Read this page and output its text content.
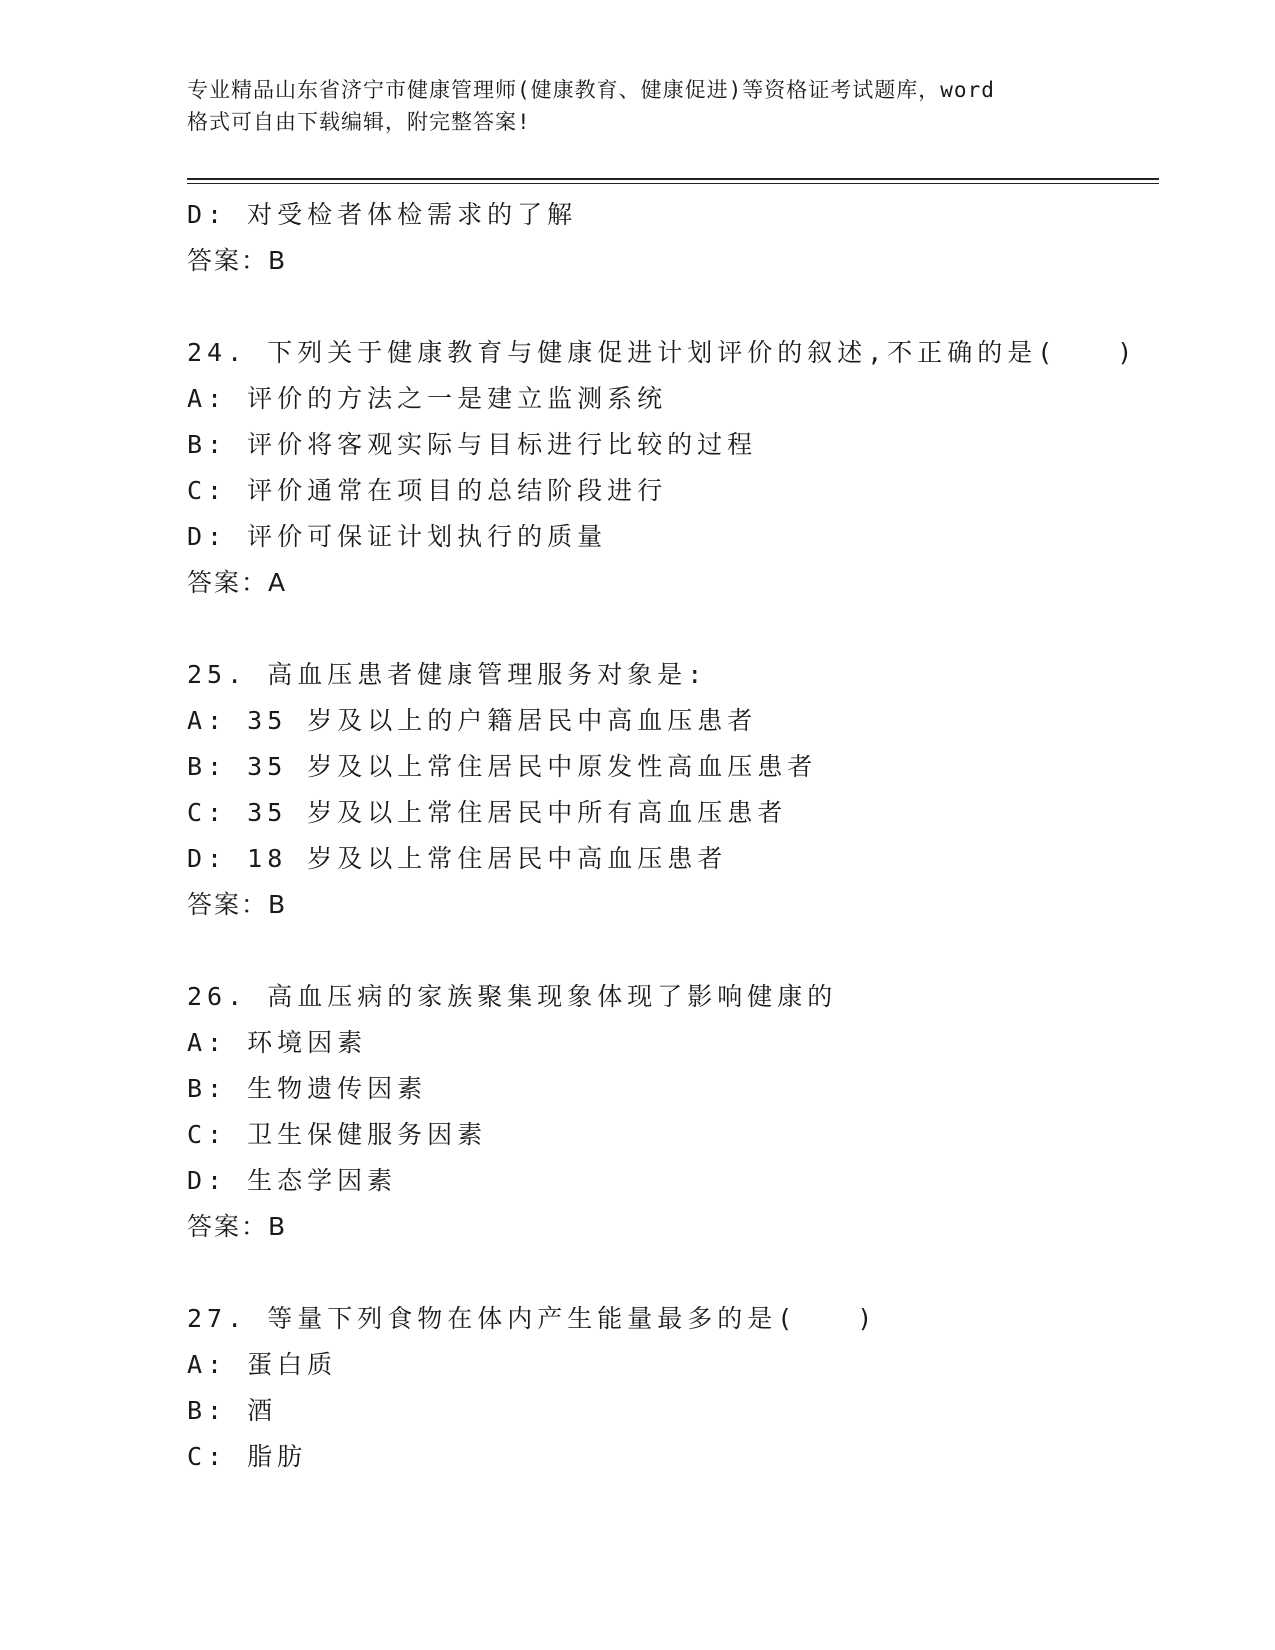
专业精品山东省济宁市健康管理师(健康教育、健康促进)等资格证考试题库，word
格式可自由下载编辑，附完整答案!
D: 对受检者体检需求的了解
答案：B
24. 下列关于健康教育与健康促进计划评价的叙述,不正确的是(　　)
A: 评价的方法之一是建立监测系统
B: 评价将客观实际与目标进行比较的过程
C: 评价通常在项目的总结阶段进行
D: 评价可保证计划执行的质量
答案：A
25. 高血压患者健康管理服务对象是:
A: 35 岁及以上的户籍居民中高血压患者
B: 35 岁及以上常住居民中原发性高血压患者
C: 35 岁及以上常住居民中所有高血压患者
D: 18 岁及以上常住居民中高血压患者
答案：B
26. 高血压病的家族聚集现象体现了影响健康的
A: 环境因素
B: 生物遗传因素
C: 卫生保健服务因素
D: 生态学因素
答案：B
27. 等量下列食物在体内产生能量最多的是(　　)
A: 蛋白质
B: 酒
C: 脂肪
